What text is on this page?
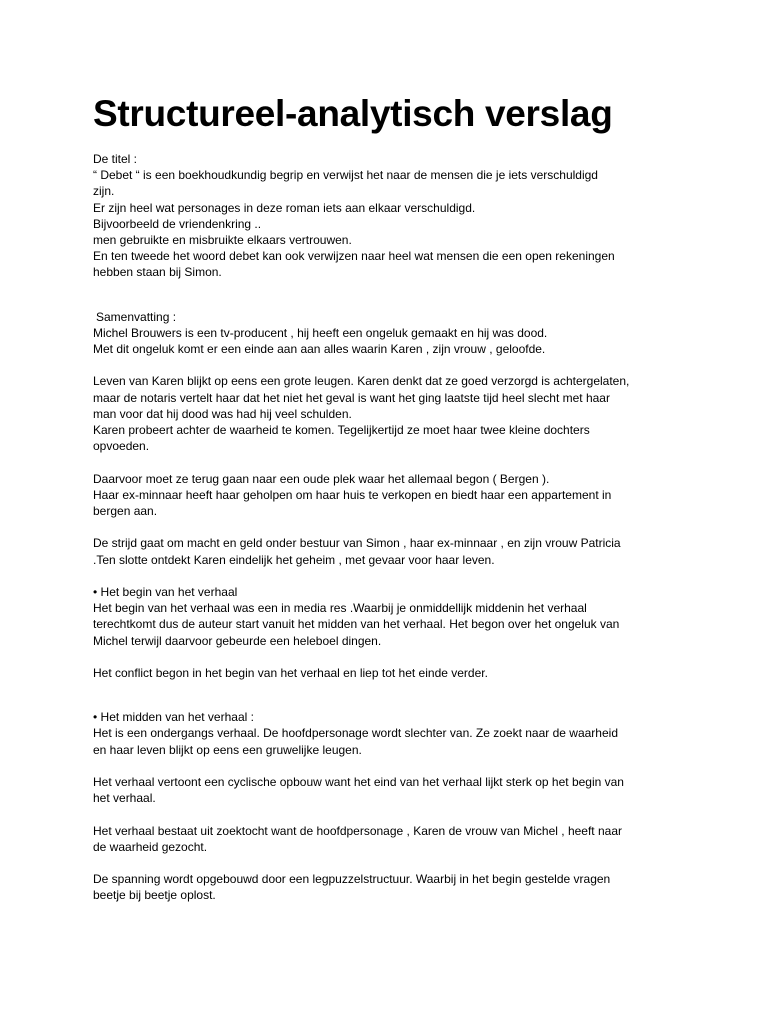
Structureel-analytisch verslag
De titel :
“ Debet “ is een boekhoudkundig begrip en verwijst het naar de mensen die je iets verschuldigd
zijn.
Er zijn heel wat personages in deze roman iets aan elkaar verschuldigd.
Bijvoorbeeld de vriendenkring ..
men gebruikte en misbruikte elkaars vertrouwen.
En ten tweede het woord debet kan ook verwijzen naar heel wat mensen die een open rekeningen
hebben staan bij Simon.
Samenvatting :
Michel Brouwers is een tv-producent , hij heeft een ongeluk gemaakt en hij was dood.
Met dit ongeluk komt er een einde aan aan alles waarin Karen , zijn vrouw , geloofde.
Leven van Karen blijkt op eens een grote leugen. Karen denkt dat ze goed verzorgd is achtergelaten,
maar de notaris vertelt haar dat het niet het geval is want het ging laatste tijd heel slecht met haar
man voor dat hij dood was had hij veel schulden.
Karen probeert achter de waarheid te komen. Tegelijkertijd ze moet haar twee kleine dochters
opvoeden.
Daarvoor moet ze terug gaan naar een oude plek waar het allemaal begon ( Bergen ).
Haar ex-minnaar heeft haar geholpen om haar huis te verkopen en biedt haar een appartement in
bergen aan.
De strijd gaat om macht en geld onder bestuur van Simon , haar ex-minnaar , en zijn vrouw Patricia
.Ten slotte ontdekt Karen eindelijk het geheim , met gevaar voor haar leven.
• Het begin van het verhaal
Het begin van het verhaal was een in media res .Waarbij je onmiddellijk middenin het verhaal
terechtkomt dus de auteur start vanuit het midden van het verhaal. Het begon over het ongeluk van
Michel terwijl daarvoor gebeurde een heleboel dingen.
Het conflict begon in het begin van het verhaal en liep tot het einde verder.
• Het midden van het verhaal :
Het is een ondergangs verhaal. De hoofdpersonage wordt slechter van. Ze zoekt naar de waarheid
en haar leven blijkt op eens een gruwelijke leugen.
Het verhaal vertoont een cyclische opbouw want het eind van het verhaal lijkt sterk op het begin van
het verhaal.
Het verhaal bestaat uit zoektocht want de hoofdpersonage , Karen de vrouw van Michel , heeft naar
de waarheid gezocht.
De spanning wordt opgebouwd door een legpuzzelstructuur. Waarbij in het begin gestelde vragen
beetje bij beetje oplost.
